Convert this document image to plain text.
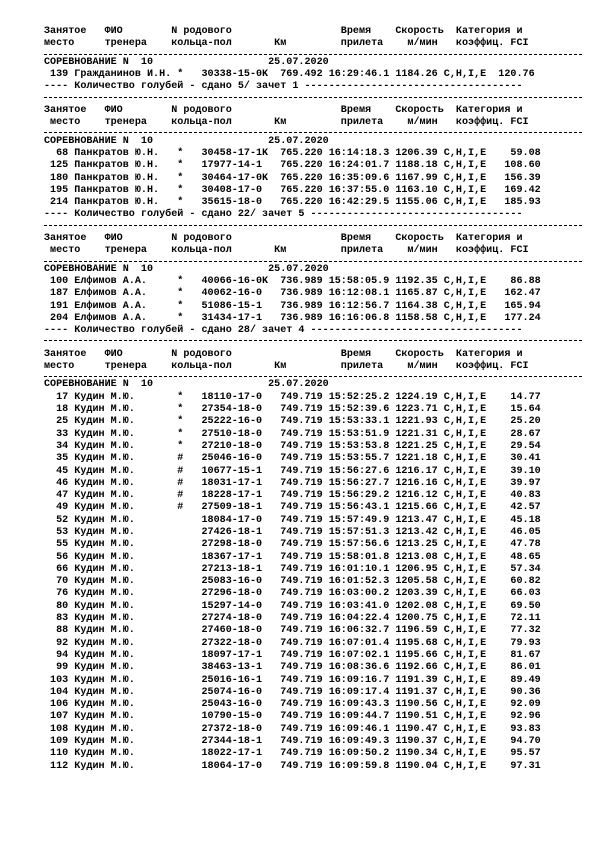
Занятое   ФИО        N родового                  Время    Скорость  Категория и
место     тренера    кольца-пол       Км         прилета    м/мин   коэффиц. FCI
СОРЕВНОВАНИЕ N  10                   25.07.2020
139 Гражданинов И.Н. *   30338-15-0K  769.492 16:29:46.1 1184.26 C,H,I,E  120.76
---- Количество голубей - сдано 5/ зачет 1 ------------------------------------
Занятое   ФИО        N родового                  Время    Скорость  Категория и
место    тренера    кольца-пол       Км         прилета    м/мин   коэффиц. FCI
СОРЕВНОВАНИЕ N  10                   25.07.2020
68 Панкратов Ю.Н.   *   30458-17-1K  765.220 16:14:18.3 1206.39 C,H,I,E    59.08
125 Панкратов Ю.Н.   *   17977-14-1   765.220 16:24:01.7 1188.18 C,H,I,E   108.60
180 Панкратов Ю.Н.   *   30464-17-0K  765.220 16:35:09.6 1167.99 C,H,I,E   156.39
195 Панкратов Ю.Н.   *   30408-17-0   765.220 16:37:55.0 1163.10 C,H,I,E   169.42
214 Панкратов Ю.Н.   *   35615-18-0   765.220 16:42:29.5 1155.06 C,H,I,E   185.93
---- Количество голубей - сдано 22/ зачет 5 -----------------------------------
Занятое   ФИО        N родового                  Время    Скорость  Категория и
место    тренера    кольца-пол       Км         прилета    м/мин   коэффиц. FCI
СОРЕВНОВАНИЕ N  10                   25.07.2020
100 Елфимов А.А.     *   40066-16-0K  736.989 15:58:05.9 1192.35 C,H,I,E    86.88
187 Елфимов А.А.     *   40062-16-0   736.989 16:12:08.1 1165.87 C,H,I,E   162.47
191 Елфимов А.А.     *   51086-15-1   736.989 16:12:56.7 1164.38 C,H,I,E   165.94
204 Елфимов А.А.     *   31434-17-1   736.989 16:16:06.8 1158.58 C,H,I,E   177.24
---- Количество голубей - сдано 28/ зачет 4 -----------------------------------
Занятое   ФИО        N родового                  Время    Скорость  Категория и
место     тренера    кольца-пол       Км         прилета    м/мин   коэффиц. FCI
СОРЕВНОВАНИЕ N  10                   25.07.2020
17 Кудин М.Ю.       *   18110-17-0   749.719 15:52:25.2 1224.19 C,H,I,E    14.77
18 Кудин М.Ю.       *   27354-18-0   749.719 15:52:39.6 1223.71 C,H,I,E    15.64
25 Кудин М.Ю.       *   25222-16-0   749.719 15:53:33.1 1221.93 C,H,I,E    25.20
33 Кудин М.Ю.       *   27510-18-0   749.719 15:53:51.9 1221.31 C,H,I,E    28.67
34 Кудин М.Ю.       *   27210-18-0   749.719 15:53:53.8 1221.25 C,H,I,E    29.54
35 Кудин М.Ю.       #   25046-16-0   749.719 15:53:55.7 1221.18 C,H,I,E    30.41
45 Кудин М.Ю.       #   10677-15-1   749.719 15:56:27.6 1216.17 C,H,I,E    39.10
46 Кудин М.Ю.       #   18031-17-1   749.719 15:56:27.7 1216.16 C,H,I,E    39.97
47 Кудин М.Ю.       #   18228-17-1   749.719 15:56:29.2 1216.12 C,H,I,E    40.83
49 Кудин М.Ю.       #   27509-18-1   749.719 15:56:43.1 1215.66 C,H,I,E    42.57
52 Кудин М.Ю.           18084-17-0   749.719 15:57:49.9 1213.47 C,H,I,E    45.18
53 Кудин М.Ю.           27426-18-1   749.719 15:57:51.3 1213.42 C,H,I,E    46.05
55 Кудин М.Ю.           27298-18-0   749.719 15:57:56.6 1213.25 C,H,I,E    47.78
56 Кудин М.Ю.           18367-17-1   749.719 15:58:01.8 1213.08 C,H,I,E    48.65
66 Кудин М.Ю.           27213-18-1   749.719 16:01:10.1 1206.95 C,H,I,E    57.34
70 Кудин М.Ю.           25083-16-0   749.719 16:01:52.3 1205.58 C,H,I,E    60.82
76 Кудин М.Ю.           27296-18-0   749.719 16:03:00.2 1203.39 C,H,I,E    66.03
80 Кудин М.Ю.           15297-14-0   749.719 16:03:41.0 1202.08 C,H,I,E    69.50
83 Кудин М.Ю.           27274-18-0   749.719 16:04:22.4 1200.75 C,H,I,E    72.11
88 Кудин М.Ю.           27460-18-0   749.719 16:06:32.7 1196.59 C,H,I,E    77.32
92 Кудин М.Ю.           27322-18-0   749.719 16:07:01.4 1195.68 C,H,I,E    79.93
94 Кудин М.Ю.           18097-17-1   749.719 16:07:02.1 1195.66 C,H,I,E    81.67
99 Кудин М.Ю.           38463-13-1   749.719 16:08:36.6 1192.66 C,H,I,E    86.01
103 Кудин М.Ю.           25016-16-1   749.719 16:09:16.7 1191.39 C,H,I,E    89.49
104 Кудин М.Ю.           25074-16-0   749.719 16:09:17.4 1191.37 C,H,I,E    90.36
106 Кудин М.Ю.           25043-16-0   749.719 16:09:43.3 1190.56 C,H,I,E    92.09
107 Кудин М.Ю.           10790-15-0   749.719 16:09:44.7 1190.51 C,H,I,E    92.96
108 Кудин М.Ю.           27372-18-0   749.719 16:09:46.1 1190.47 C,H,I,E    93.83
109 Кудин М.Ю.           27344-18-1   749.719 16:09:49.3 1190.37 C,H,I,E    94.70
110 Кудин М.Ю.           18022-17-1   749.719 16:09:50.2 1190.34 C,H,I,E    95.57
112 Кудин М.Ю.           18064-17-0   749.719 16:09:59.8 1190.04 C,H,I,E    97.31
